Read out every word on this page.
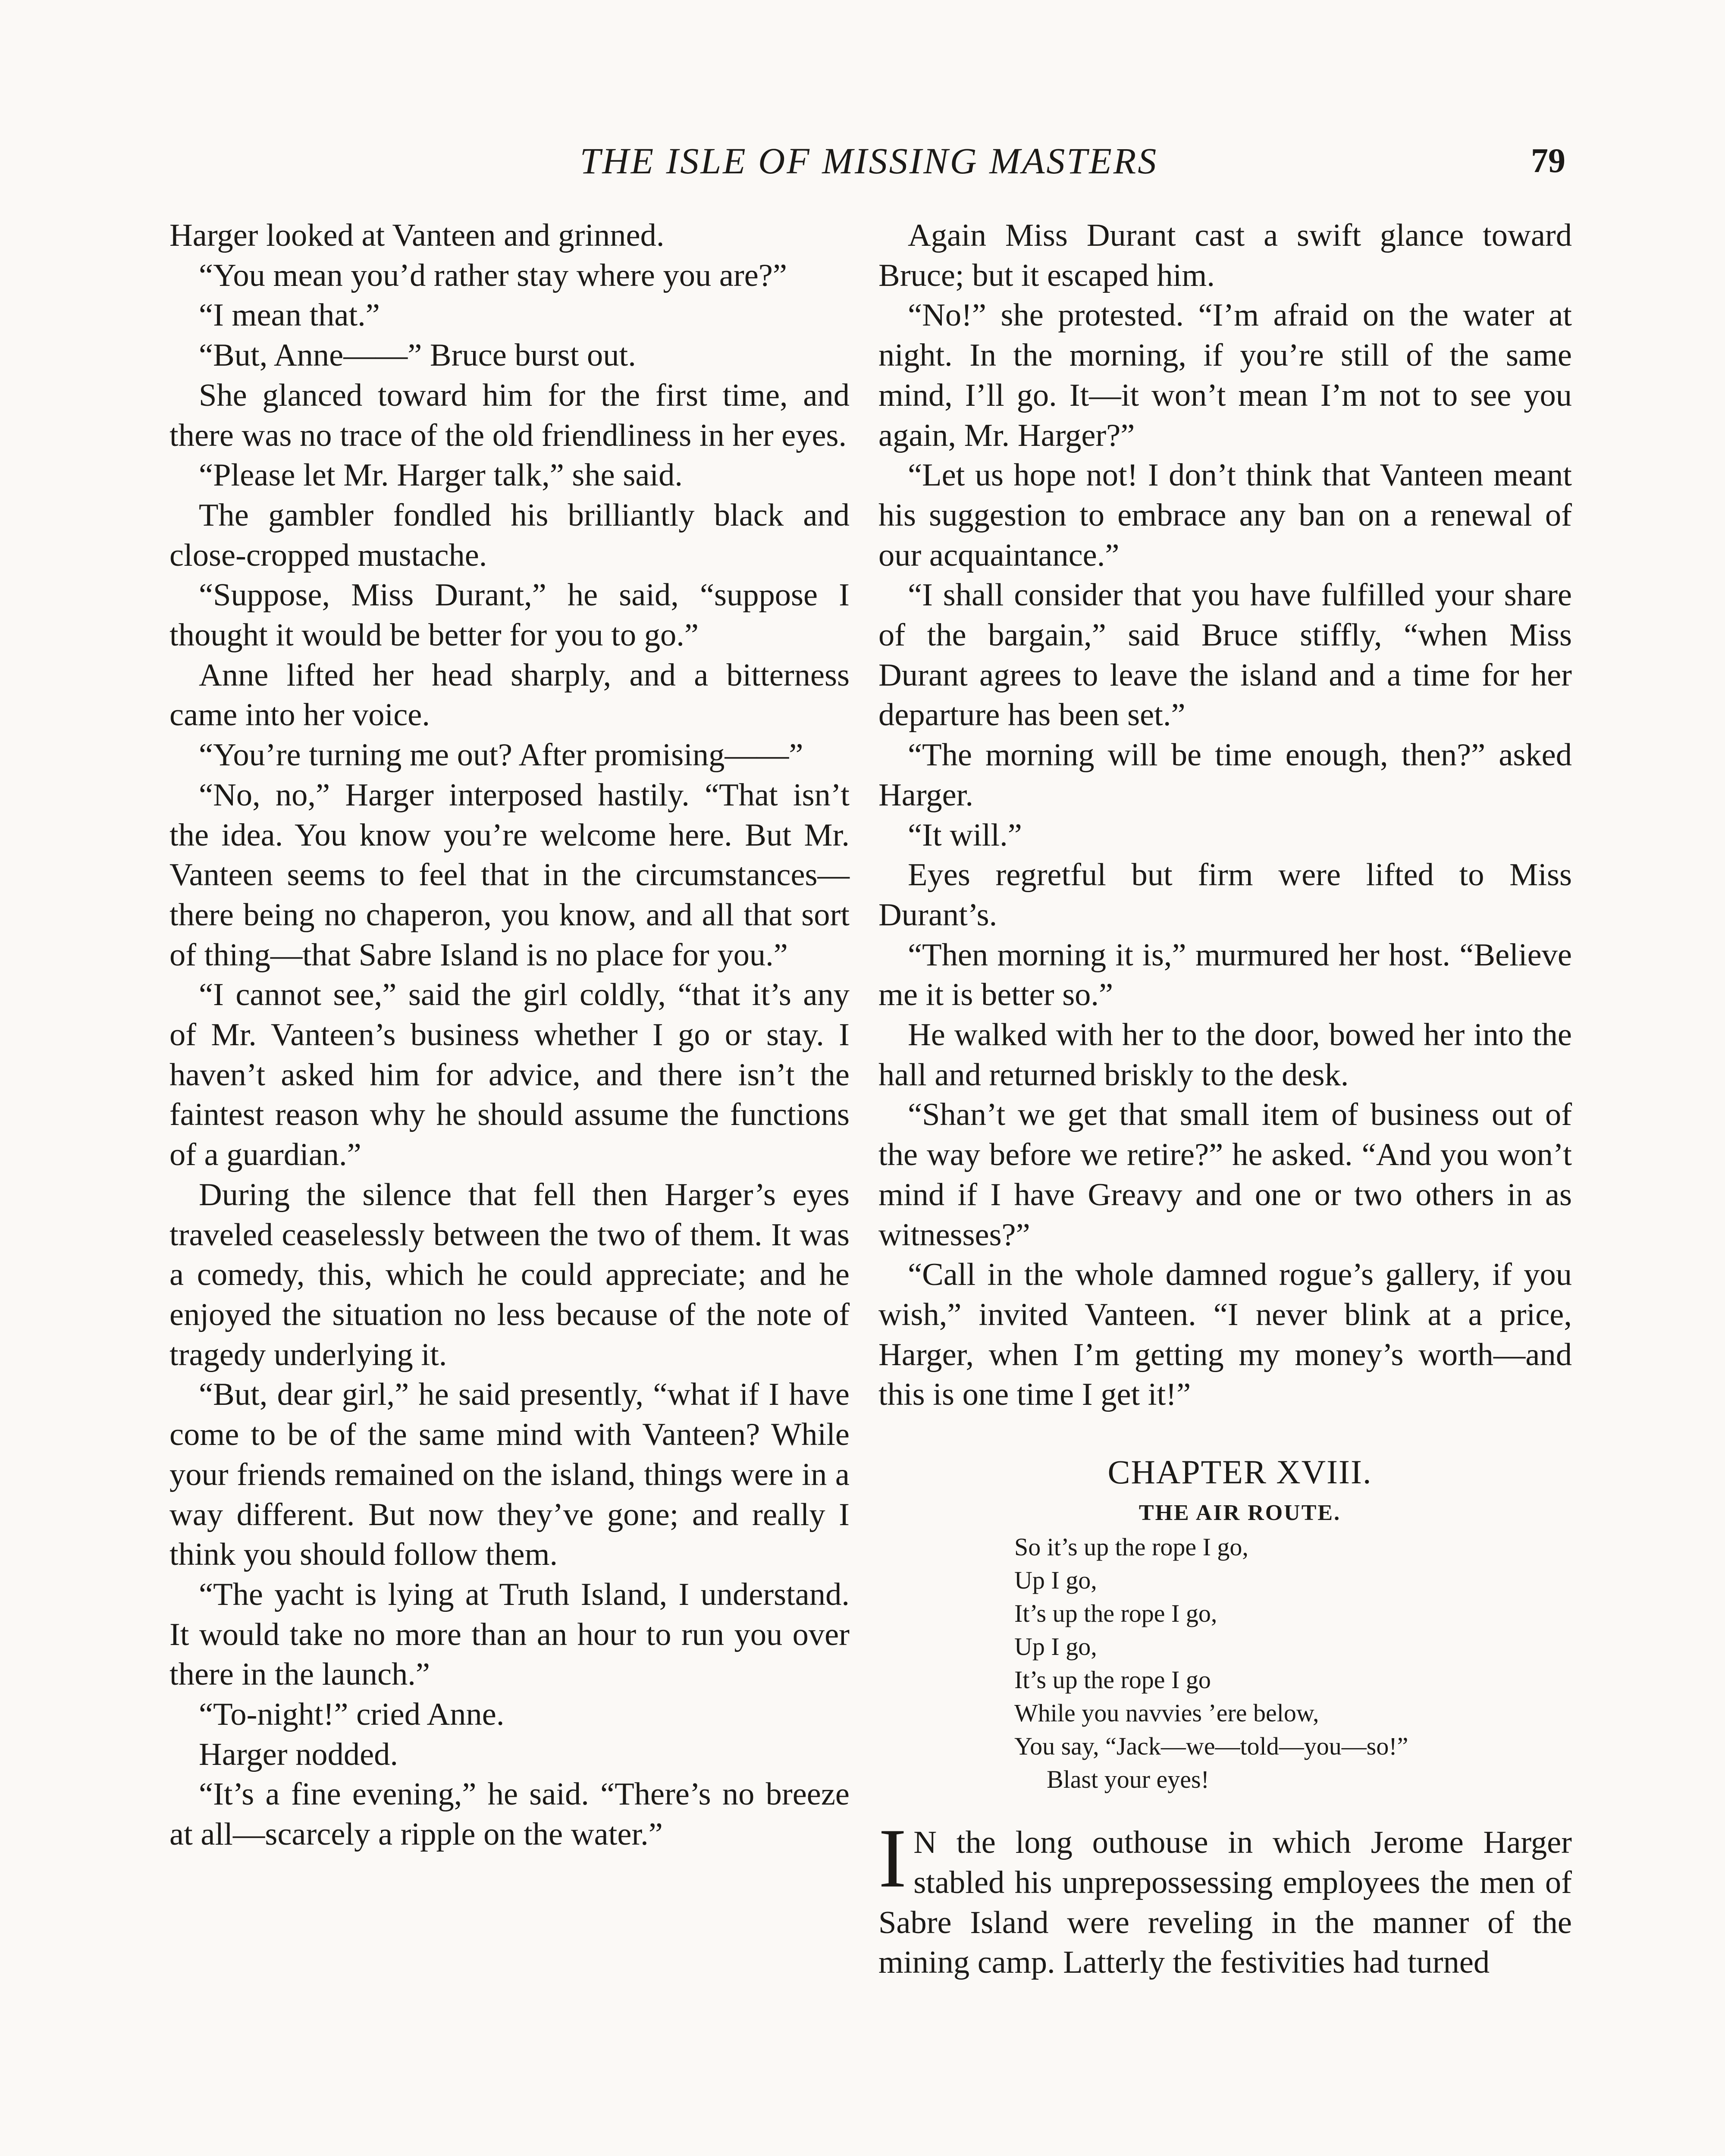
THE ISLE OF MISSING MASTERS	79

Harger looked at Vanteen and grinned.

“You mean you’d rather stay where you are?”

“I mean that.”

“But, Anne——” Bruce burst out.

She glanced toward him for the first time, and there was no trace of the old friendliness in her eyes.

“Please let Mr. Harger talk,” she said.

The gambler fondled his brilliantly black and close-cropped mustache.

“Suppose, Miss Durant,” he said, “suppose I thought it would be better for you to go.”

Anne lifted her head sharply, and a bitterness came into her voice.

“You’re turning me out? After promising——”

“No, no,” Harger interposed hastily. “That isn’t the idea. You know you’re welcome here. But Mr. Vanteen seems to feel that in the circumstances—there being no chaperon, you know, and all that sort of thing—that Sabre Island is no place for you.”

“I cannot see,” said the girl coldly, “that it’s any of Mr. Vanteen’s business whether I go or stay. I haven’t asked him for advice, and there isn’t the faintest reason why he should assume the functions of a guardian.”

During the silence that fell then Harger’s eyes traveled ceaselessly between the two of them. It was a comedy, this, which he could appreciate; and he enjoyed the situation no less because of the note of tragedy underlying it.

“But, dear girl,” he said presently, “what if I have come to be of the same mind with Vanteen? While your friends remained on the island, things were in a way different. But now they’ve gone; and really I think you should follow them.

“The yacht is lying at Truth Island, I understand. It would take no more than an hour to run you over there in the launch.”

“To-night!” cried Anne.

Harger nodded.

“It’s a fine evening,” he said. “There’s no breeze at all—scarcely a ripple on the water.”

Again Miss Durant cast a swift glance toward Bruce; but it escaped him.

“No!” she protested. “I’m afraid on the water at night. In the morning, if you’re still of the same mind, I’ll go. It—it won’t mean I’m not to see you again, Mr. Harger?”

“Let us hope not! I don’t think that Vanteen meant his suggestion to embrace any ban on a renewal of our acquaintance.”

“I shall consider that you have fulfilled your share of the bargain,” said Bruce stiffly, “when Miss Durant agrees to leave the island and a time for her departure has been set.”

“The morning will be time enough, then?” asked Harger.

“It will.”

Eyes regretful but firm were lifted to Miss Durant’s.

“Then morning it is,” murmured her host. “Believe me it is better so.”

He walked with her to the door, bowed her into the hall and returned briskly to the desk.

“Shan’t we get that small item of business out of the way before we retire?” he asked. “And you won’t mind if I have Greavy and one or two others in as witnesses?”

“Call in the whole damned rogue’s gallery, if you wish,” invited Vanteen. “I never blink at a price, Harger, when I’m getting my money’s worth—and this is one time I get it!”

CHAPTER XVIII.

THE AIR ROUTE.

So it’s up the rope I go,
Up I go,
It’s up the rope I go,
Up I go,
It’s up the rope I go
While you navvies ’ere below,
You say, “Jack—we—told—you—so!”
Blast your eyes!

I N the long outhouse in which Jerome Harger stabled his unprepossessing employees the men of Sabre Island were reveling in the manner of the mining camp. Latterly the festivities had turned
